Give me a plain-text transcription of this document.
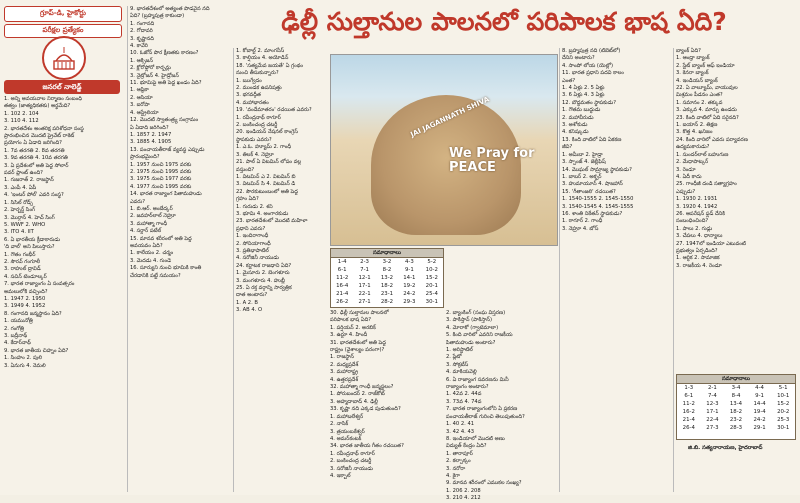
గ్రూప్-డి, హైకోర్టు
పరీక్షల ప్రత్యేకం
జనరల్ నాలెడ్జ్
ఢిల్లీ సుల్తానుల పాలనలో పరిపాలక భాష ఏది?
JAI JAGANNATH SHIVA
We Pray for PEACE
1. అన్ని అవయవాల నిర్మాణం సంబంధి
తత్వం (జాత్యధికతకు) అర్థమేది?
1. 102 2. 104
3. 110 4. 112
2. భారతదేశం అంతరిక్ష పరిశోధనా సంస్థ
ప్రారంభించిన మొదటి ప్రైవేట్ రాకెట్
ప్రయోగం ఏ ఏడాది జరిగింది?
1. 7వ తరగతి 2. 8వ తరగతి
3. 9వ తరగతి 4. 10వ తరగతి
3. ఏ ప్రదేశంలో అతి పెద్ద సోలార్
పవర్ ప్లాంట్ ఉంది?
1. గుజరాత్ 2. రాజస్థాన్
3. ఎంపీ 4. ఏపీ
4. 'ఇంటర్ పోల్' ఎవరి సంస్థ?
1. సిసిల్ రోడ్స్
2. హెర్బర్ట్ సింగ్
3. మొర్గాన్ 4. హెచ్ సింగ్
5. WWF 2. WHO
3. ITO 4. IIT
6. ఏ భారతీయ క్రీడాకారుడు
'ది వాల్' అని పిలుస్తారు?
1. గౌతం గంభీర్
2. సౌరవ్ గంగూలీ
3. రాహుల్ ద్రావిడ్
4. సచిన్ టెండూల్కర్
7. భారత రాజ్యాంగం ఏ సంవత్సరం
అమలులోకి వచ్చింది?
1. 1947 2. 1950
3. 1949 4. 1952
8. గంగానది జన్మస్థానం ఏది?
1. యమునోత్రి
2. గంగోత్రి
3. బద్రీనాథ్
4. కేదార్‌నాథ్
9. భారత జాతీయ చిహ్నం ఏది?
1. సింహం 2. పులి
3. ఏనుగు 4. నెమలి
9. భారతదేశంలో అత్యంత పొడవైన నది
ఏది? (బ్రహ్మపుత్ర కాకుండా)
1. గంగానది
2. గోదావరి
3. కృష్ణానది
4. కావేరి
10. ఓజోన్ పొర క్షీణతకు కారణం?
1. ఆక్సిజన్
2. క్లోరోఫ్లోరో కార్బన్లు
3. నైట్రోజన్ 4. హైడ్రోజన్
11. భూమిపై అతి పెద్ద ఖండం ఏది?
1. ఆఫ్రికా
2. ఆసియా
3. ఐరోపా
4. ఆస్ట్రేలియా
12. మొదటి స్వాతంత్ర్య సంగ్రామం
ఏ ఏడాది జరిగింది?
1. 1857 2. 1947
3. 1885 4. 1905
13. పంచాయతీరాజ్ వ్యవస్థ ఎప్పుడు
ప్రారంభమైంది?
1. 1957 నుంచి 1975 వరకు
2. 1975 నుంచి 1995 వరకు
3. 1975 నుంచి 1977 వరకు
4. 1977 నుంచి 1995 వరకు
14. భారత రాజ్యాంగ పితామహుడు
ఎవరు?
1. బి.ఆర్. అంబేద్కర్
2. జవహర్‌లాల్ నెహ్రూ
3. మహాత్మా గాంధీ
4. సర్దార్ పటేల్
15. మానవ శరీరంలో అతి పెద్ద
అవయవం ఏది?
1. కాలేయం 2. చర్మం
3. మెదడు 4. గుండె
16. సూర్యుని నుంచి భూమికి కాంతి
చేరడానికి పట్టే సమయం?
1. కోబాల్ట్ 2. మాంగనీస్
3. కాల్షియం 4. అయోడిన్
18. 'సత్యమేవ జయతే' ఏ గ్రంథం
నుంచి తీసుకున్నారు?
1. ఋగ్వేదం
2. ముండక ఉపనిషత్తు
3. భగవద్గీత
4. మహాభారతం
19. 'వందేమాతరం' రచయిత ఎవరు?
1. రవీంద్రనాథ్ ఠాగూర్
2. బంకించంద్ర చటర్జీ
20. ఇండియన్ నేషనల్ కాంగ్రెస్
స్థాపకుడు ఎవరు?
1. ఎ.ఓ. హ్యూమ్ 2. గాంధీ
3. తిలక్ 4. నెహ్రూ
21. పాల్ ఏ విటమిన్ లోపం వల్ల
వస్తుంది?
1. విటమిన్ ఎ 2. విటమిన్ బి
3. విటమిన్ సి 4. విటమిన్ డి
22. సౌరకుటుంబంలో అతి పెద్ద
గ్రహం ఏది?
1. గురుడు 2. శని
3. భూమి 4. అంగారకుడు
23. భారతదేశంలో మొదటి మహిళా
ప్రధాని ఎవరు?
1. ఇందిరాగాంధీ
2. సోనియాగాంధీ
3. ప్రతిభాపాటిల్
4. సరోజినీ నాయుడు
24. కర్ణాటక రాజధాని ఏది?
1. మైసూరు 2. బెంగళూరు
3. మంగళూరు 4. హుబ్లీ
25. ఏ రక్త వర్గాన్ని సార్వత్రిక
దాత అంటారు?
1. A 2. B
3. AB 4. O	30. ఢిల్లీ సుల్తానుల పాలనలో
పరిపాలక భాష ఏది?
1. పర్షియన్ 2. అరబిక్
3. ఉర్దూ 4. హిందీ
31. భారతదేశంలో అతి పెద్ద
రాష్ట్రం (వైశాల్యం పరంగా)?
1. రాజస్థాన్
2. మధ్యప్రదేశ్
3. మహారాష్ట్ర
4. ఉత్తరప్రదేశ్
32. మహాత్మా గాంధీ జన్మస్థలం?
1. పోరుబందర్ 2. రాజ్‌కోట్
3. అహ్మదాబాద్ 4. ఢిల్లీ
33. కృష్ణా నది ఎక్కడ పుడుతుంది?
1. మహాబలేశ్వర్
2. నాసిక్
3. త్రయంబకేశ్వర్
4. అమర్‌కంటక్
34. భారత జాతీయ గీతం రచయిత?
1. రవీంద్రనాథ్ ఠాగూర్
2. బంకించంద్ర చటర్జీ
3. సరోజినీ నాయుడు
4. ఇక్బాల్
2. బ్యాంకింగ్ (సంఘ విస్తరణ)
3. పాకిస్తాన్ (పాకిస్తాన్)
4. మోరాకో (గ్వాటెమాలా)
5. కింది వారిలో ఎవరిని రాజకీయ
పితామహుడు అంటారు?
1. అరిస్టాటిల్
2. ప్లేటో
3. సోక్రటీస్
4. మాకియవెల్లి
6. ఏ రాజ్యాంగ సవరణను మినీ
రాజ్యాంగం అంటారు?
1. 42వ 2. 44వ
3. 73వ 4. 74వ
7. భారత రాజ్యాంగంలోని ఏ ప్రకరణ
పంచాయతీరాజ్ గురించి తెలుపుతుంది?
1. 40 2. 41
3. 42 4. 43
8. ఇండియాలో మొదటి అణు
విద్యుత్ కేంద్రం ఏది?
1. తారాపూర్
2. కల్పాక్కం
3. నరోరా
4. కైగా
9. మానవ శరీరంలో ఎముకల సంఖ్య?
1. 206 2. 208
3. 210 4. 212
8. బ్రహ్మపుత్ర నది (టిబెట్‌లో)
దేనిని అంటారు?
4. సాంపో లోయ (యెల్లో)
11. భారత ప్రధాని పదవి కాలం
ఎంత?
1. 4 ఏళ్లు 2. 5 ఏళ్లు
3. 6 ఏళ్లు 4. 3 ఏళ్లు
12. బౌద్ధమతం స్థాపకుడు?
1. గౌతమ బుద్ధుడు
2. మహావీరుడు
3. అశోకుడు
4. కనిష్కుడు
13. కింది వాటిలో ఏది ఏకకణ
జీవి?
1. అమీబా 2. హైడ్రా
3. స్పాంజ్ 4. జెల్లీఫిష్
14. మొఘల్ సామ్రాజ్య స్థాపకుడు?
1. బాబర్ 2. అక్బర్
3. హుమాయూన్ 4. షాజహాన్
15. 'గీతాంజలి' రచయిత?
1. 1540-1555 2. 1545-1550
3. 1540-1545 4. 1545-1555
16. శాంతి నికేతన్ స్థాపకుడు?
1. ఠాగూర్ 2. గాంధీ
3. నెహ్రూ 4. బోస్
బ్యాంక్ ఏది?
1. ఆంధ్రా బ్యాంక్
2. స్టేట్ బ్యాంక్ ఆఫ్ ఇండియా
3. కెనరా బ్యాంక్
4. ఇండియన్ బ్యాంక్
22. ఏ వాల్యూమ్, వాయువుల
మిశ్రమం పీడనం ఎంత?
1. సమానం 2. తక్కువ
3. ఎక్కువ 4. మార్పు ఉండదు
23. కింది వాటిలో ఏది సరైనది?
1. ఐయాన్ 2. తిక్షణ
3. కొత్త 4. ఖనిజం
24. కింది వారిలో ఎవరు పర్యావరణ
ఉద్యమకారుడు?
1. సుందర్‌లాల్ బహుగుణ
2. మేధాపాట్కర్
3. రెండూ
4. ఏదీ కాదు
25. గాంధీజీ దండి సత్యాగ్రహం
ఎప్పుడు?
1. 1930 2. 1931
3. 1920 4. 1942
26. ఆపరేషన్ ఫ్లడ్ దేనికి
సంబంధించింది?
1. పాలు 2. గుడ్లు
3. చేపలు 4. ధాన్యాలు
27. 1947లో ఇండియా ఎటువంటి
ప్రభుత్వం ఏర్పడింది?
1. ఆర్ధిక 2. సామాజిక
3. రాజకీయ 4. రెండూ
సమాధానాలు
1-4	2-3	3-2	4-3	5-2
6-1	7-1	8-2	9-1	10-2
11-2	12-1	13-2	14-1	15-2
16-4	17-1	18-2	19-2	20-1
21-4	22-1	23-1	24-2	25-4
26-2	27-1	28-2	29-3	30-1
సమాధానాలు
1-3	2-1	3-4	4-4	5-1
6-1	7-4	8-4	9-1	10-1
11-2	12-3	13-4	14-4	15-2
16-2	17-1	18-2	19-4	20-2
21-4	22-4	23-2	24-2	25-3
26-4	27-3	28-3	29-1	30-1
జి.బి. సత్యనారాయణ, హైదరాబాద్
